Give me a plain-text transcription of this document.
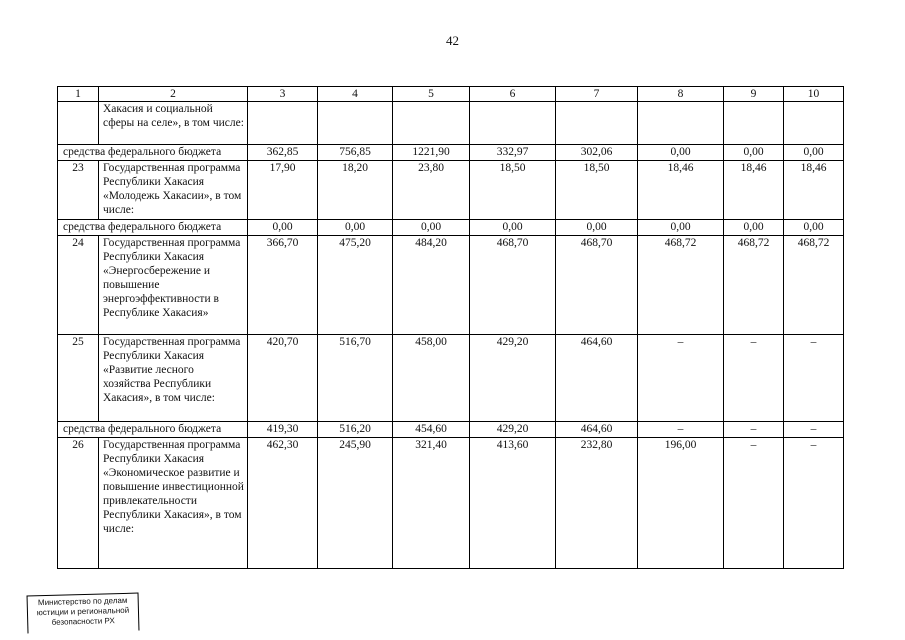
42
1	2	3	4	5	6	7	8	9	10
	Хакасия и социальной сферы на селе», в том числе:								
средства федерального бюджета		362,85	756,85	1221,90	332,97	302,06	0,00	0,00	0,00
23	Государственная программа Республики Хакасия «Молодежь Хакасии», в том числе:	17,90	18,20	23,80	18,50	18,50	18,46	18,46	18,46
средства федерального бюджета		0,00	0,00	0,00	0,00	0,00	0,00	0,00	0,00
24	Государственная программа Республики Хакасия «Энергосбережение и повышение энергоэффективности в Республике Хакасия»	366,70	475,20	484,20	468,70	468,70	468,72	468,72	468,72
25	Государственная программа Республики Хакасия «Развитие лесного хозяйства Республики Хакасия», в том числе:	420,70	516,70	458,00	429,20	464,60	–	–	–
средства федерального бюджета		419,30	516,20	454,60	429,20	464,60	–	–	–
26	Государственная программа Республики Хакасия «Экономическое развитие и повышение инвестиционной привлекательности Республики Хакасия», в том числе:	462,30	245,90	321,40	413,60	232,80	196,00	–	–
Министерство по делам
юстиции и региональной
безопасности РХ
